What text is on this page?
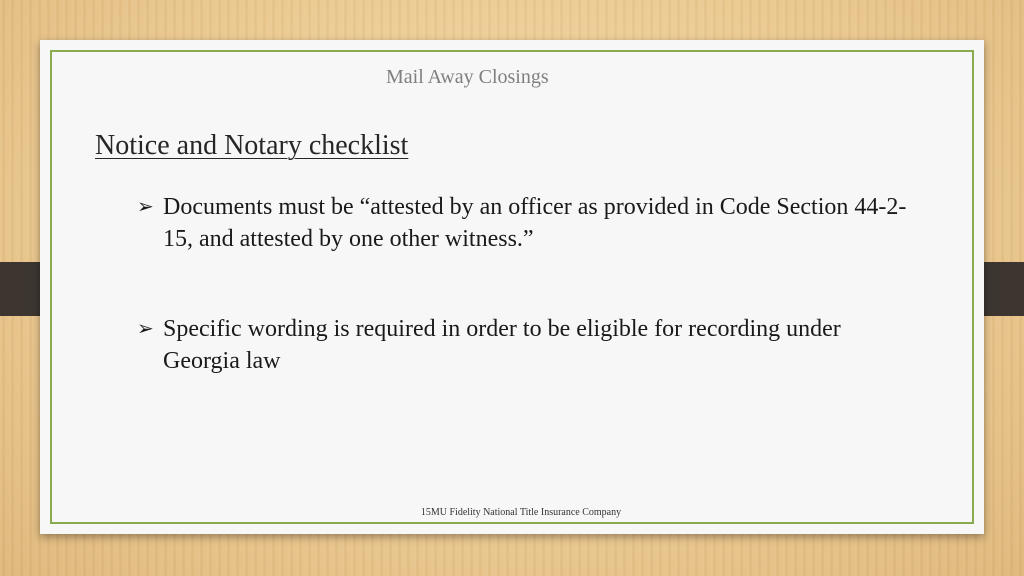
Mail Away Closings
Notice and Notary checklist
➢ Documents must be “attested by an officer as provided in Code Section 44-2-15, and attested by one other witness.”
➢ Specific wording is required in order to be eligible for recording under Georgia law
15MU Fidelity National Title Insurance Company
